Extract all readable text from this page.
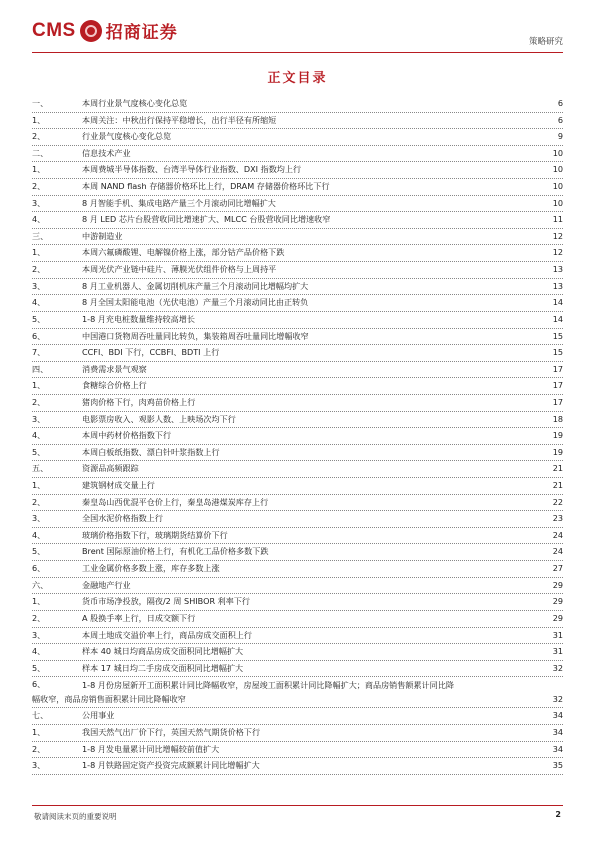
CMS 招商证券	策略研究
正文目录
一、	本周行业景气度核心变化总览	6
1、	本周关注：中秋出行保持平稳增长，出行半径有所缩短	6
2、	行业景气度核心变化总览	9
二、	信息技术产业	10
1、	本周费城半导体指数、台湾半导体行业指数、DXI 指数均上行	10
2、	本周 NAND flash 存储器价格环比上行，DRAM 存储器价格环比下行	10
3、	8 月智能手机、集成电路产量三个月滚动同比增幅扩大	10
4、	8 月 LED 芯片台股营收同比增速扩大、MLCC 台股营收同比增速收窄	11
三、	中游制造业	12
1、	本周六氟磷酸锂、电解镍价格上涨，部分钴产品价格下跌	12
2、	本周光伏产业链中硅片、薄膜光伏组件价格与上周持平	13
3、	8 月工业机器人、金属切削机床产量三个月滚动同比增幅均扩大	13
4、	8 月全国太阳能电池（光伏电池）产量三个月滚动同比由正转负	14
5、	1-8 月充电桩数量维持较高增长	14
6、	中国港口货物周吞吐量同比转负，集装箱周吞吐量同比增幅收窄	15
7、	CCFI、BDI 下行，CCBFI、BDTI 上行	15
四、	消费需求景气观察	17
1、	食糖综合价格上行	17
2、	猪肉价格下行，肉鸡苗价格上行	17
3、	电影票房收入、观影人数、上映场次均下行	18
4、	本周中药材价格指数下行	19
5、	本周白板纸指数、漂白针叶浆指数上行	19
五、	资源品高频跟踪	21
1、	建筑钢材成交量上行	21
2、	秦皇岛山西优混平仓价上行，秦皇岛港煤炭库存上行	22
3、	全国水泥价格指数上行	23
4、	玻璃价格指数下行，玻璃期货结算价下行	24
5、	Brent 国际原油价格上行，有机化工品价格多数下跌	24
6、	工业金属价格多数上涨，库存多数上涨	27
六、	金融地产行业	29
1、	货币市场净投放，隔夜/2 周 SHIBOR 利率下行	29
2、	A 股换手率上行，日成交额下行	29
3、	本周土地成交溢价率上行，商品房成交面积上行	31
4、	样本 40 城日均商品房成交面积同比增幅扩大	31
5、	样本 17 城日均二手房成交面积同比增幅扩大	32
6、	1-8 月份房屋新开工面积累计同比降幅收窄，房屋竣工面积累计同比降幅扩大；商品房销售额累计同比降
幅收窄，商品房销售面积累计同比降幅收窄	32
七、	公用事业	34
1、	我国天然气出厂价下行，英国天然气期货价格下行	34
2、	1-8 月发电量累计同比增幅较前值扩大	34
3、	1-8 月铁路固定资产投资完成额累计同比增幅扩大	35
敬请阅读末页的重要说明	2
